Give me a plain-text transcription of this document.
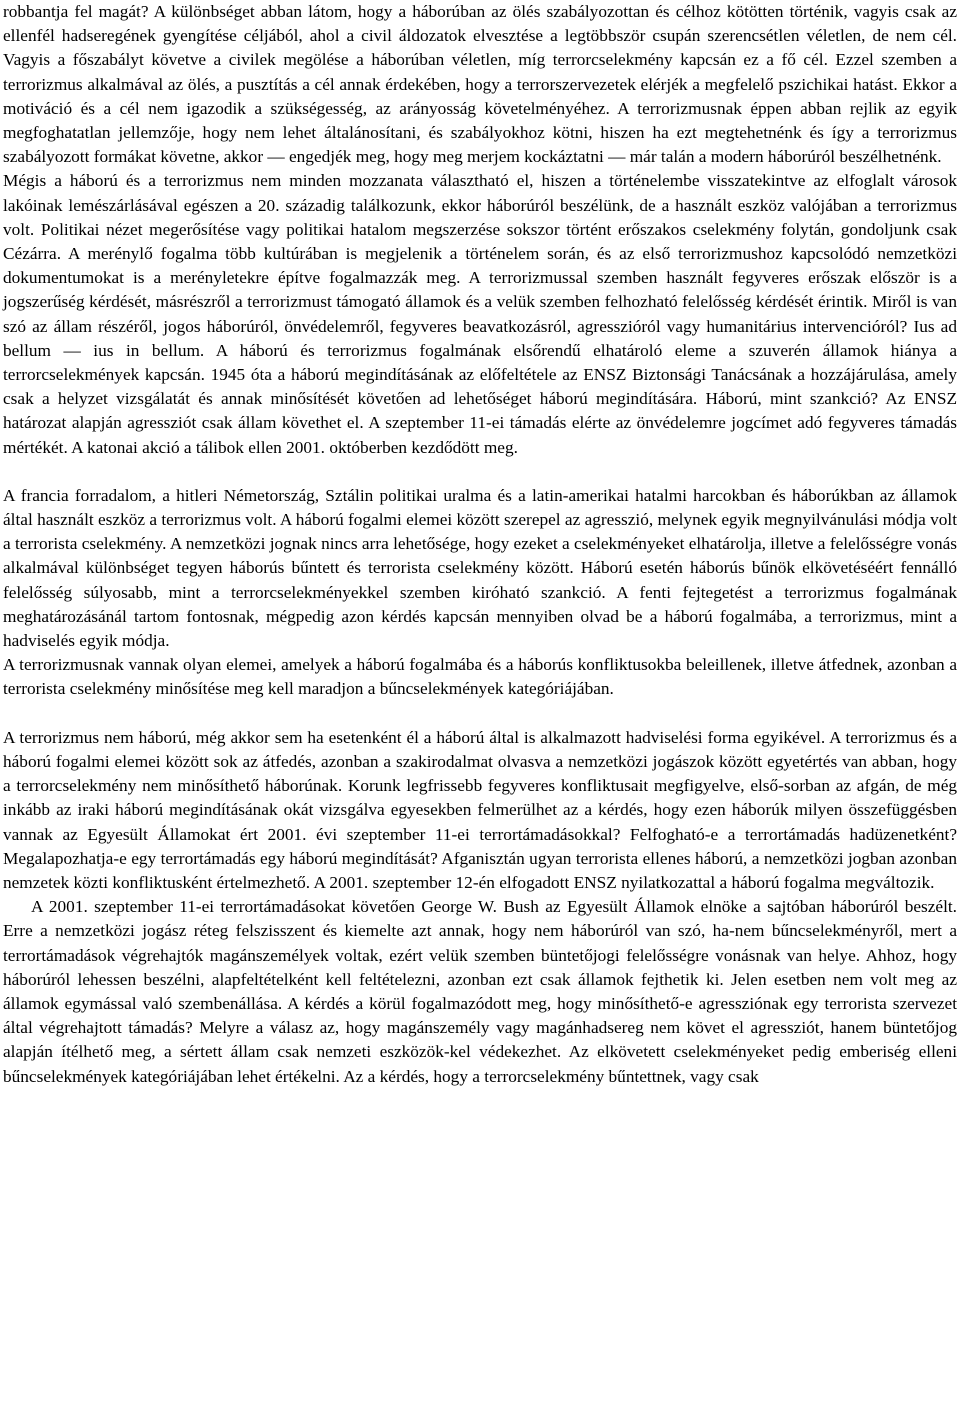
robbantja fel magát? A különbséget abban látom, hogy a háborúban az ölés szabályozottan és célhoz kötötten történik, vagyis csak az ellenfél hadseregének gyengítése céljából, ahol a civil áldozatok elvesztése a legtöbbször csupán szerencsétlen véletlen, de nem cél. Vagyis a főszabályt követve a civilek megölése a háborúban véletlen, míg terrorcselekmény kapcsán ez a fő cél. Ezzel szemben a terrorizmus alkalmával az ölés, a pusztítás a cél annak érdekében, hogy a terrorszervezetek elérjék a megfelelő pszichikai hatást. Ekkor a motiváció és a cél nem igazodik a szükségesség, az arányosság követelményéhez. A terrorizmusnak éppen abban rejlik az egyik megfoghatatlan jellemzője, hogy nem lehet általánosítani, és szabályokhoz kötni, hiszen ha ezt megtehetnénk és így a terrorizmus szabályozott formákat követne, akkor — engedjék meg, hogy meg merjem kockáztatni — már talán a modern háborúról beszélhetnénk.

Mégis a háború és a terrorizmus nem minden mozzanata választható el, hiszen a történelembe visszatekintve az elfoglalt városok lakóinak lemészárlásával egészen a 20. századig találkozunk, ekkor háborúról beszélünk, de a használt eszköz valójában a terrorizmus volt. Politikai nézet megerősítése vagy politikai hatalom megszerzése sokszor történt erőszakos cselekmény folytán, gondoljunk csak Cézárra. A merénylő fogalma több kultúrában is megjelenik a történelem során, és az első terrorizmushoz kapcsolódó nemzetközi dokumentumokat is a merényletekre építve fogalmazzák meg. A terrorizmussal szemben használt fegyveres erőszak először is a jogszerűség kérdését, másrészről a terrorizmust támogató államok és a velük szemben felhozható felelősség kérdését érintik. Miről is van szó az állam részéről, jogos háborúról, önvédelemről, fegyveres beavatkozásról, agresszióról vagy humanitárius intervencióról? Ius ad bellum — ius in bellum. A háború és terrorizmus fogalmának elsőrendű elhatároló eleme a szuverén államok hiánya a terrorcselekmények kapcsán. 1945 óta a háború megindításának az előfeltétele az ENSZ Biztonsági Tanácsának a hozzájárulása, amely csak a helyzet vizsgálatát és annak minősítését követően ad lehetőséget háború megindítására. Háború, mint szankció? Az ENSZ határozat alapján agressziót csak állam követhet el. A szeptember 11-ei támadás elérte az önvédelemre jogcímet adó fegyveres támadás mértékét. A katonai akció a tálibok ellen 2001. októberben kezdődött meg.

A francia forradalom, a hitleri Németország, Sztálin politikai uralma és a latin-amerikai hatalmi harcokban és háborúkban az államok által használt eszköz a terrorizmus volt. A háború fogalmi elemei között szerepel az agresszió, melynek egyik megnyilvánulási módja volt a terrorista cselekmény. A nemzetközi jognak nincs arra lehetősége, hogy ezeket a cselekményeket elhatárolja, illetve a felelősségre vonás alkalmával különbséget tegyen háborús bűntett és terrorista cselekmény között. Háború esetén háborús bűnök elkövetéséért fennálló felelősség súlyosabb, mint a terrorcselekményekkel szemben kiróható szankció. A fenti fejtegetést a terrorizmus fogalmának meghatározásánál tartom fontosnak, mégpedig azon kérdés kapcsán mennyiben olvad be a háború fogalmába, a terrorizmus, mint a hadviselés egyik módja.

A terrorizmusnak vannak olyan elemei, amelyek a háború fogalmába és a háborús konfliktusokba beleillenek, illetve átfednek, azonban a terrorista cselekmény minősítése meg kell maradjon a bűncselekmények kategóriájában.

A terrorizmus nem háború, még akkor sem ha esetenként él a háború által is alkalmazott hadviselési forma egyikével. A terrorizmus és a háború fogalmi elemei között sok az átfedés, azonban a szakirodalmat olvasva a nemzetközi jogászok között egyetértés van abban, hogy a terrorcselekmény nem minősíthető háborúnak. Korunk legfrissebb fegyveres konfliktusait megfigyelve, első-sorban az afgán, de még inkább az iraki háború megindításának okát vizsgálva egyesekben felmerülhet az a kérdés, hogy ezen háborúk milyen összefüggésben vannak az Egyesült Államokat ért 2001. évi szeptember 11-ei terrortámadásokkal? Felfogható-e a terrortámadás hadüzenetként? Megalapozhatja-e egy terrortámadás egy háború megindítását? Afganisztán ugyan terrorista ellenes háború, a nemzetközi jogban azonban nemzetek közti konfliktusként értelmezhető. A 2001. szeptember 12-én elfogadott ENSZ nyilatkozattal a háború fogalma megváltozik.

A 2001. szeptember 11-ei terrortámadásokat követően George W. Bush az Egyesült Államok elnöke a sajtóban háborúról beszélt. Erre a nemzetközi jogász réteg felszisszent és kiemelte azt annak, hogy nem háborúról van szó, ha-nem bűncselekményről, mert a terrortámadások végrehajtók magánszemélyek voltak, ezért velük szemben büntetőjogi felelősségre vonásnak van helye. Ahhoz, hogy háborúról lehessen beszélni, alapfeltételként kell feltételezni, azonban ezt csak államok fejthetik ki. Jelen esetben nem volt meg az államok egymással való szembenállása. A kérdés a körül fogalmazódott meg, hogy minősíthető-e agressziónak egy terrorista szervezet által végrehajtott támadás? Melyre a válasz az, hogy magánszemély vagy magánhadsereg nem követ el agressziót, hanem büntetőjog alapján ítélhető meg, a sértett állam csak nemzeti eszközök-kel védekezhet. Az elkövetett cselekményeket pedig emberiség elleni bűncselekmények kategóriájában lehet értékelni. Az a kérdés, hogy a terrorcselekmény bűntettnek, vagy csak
